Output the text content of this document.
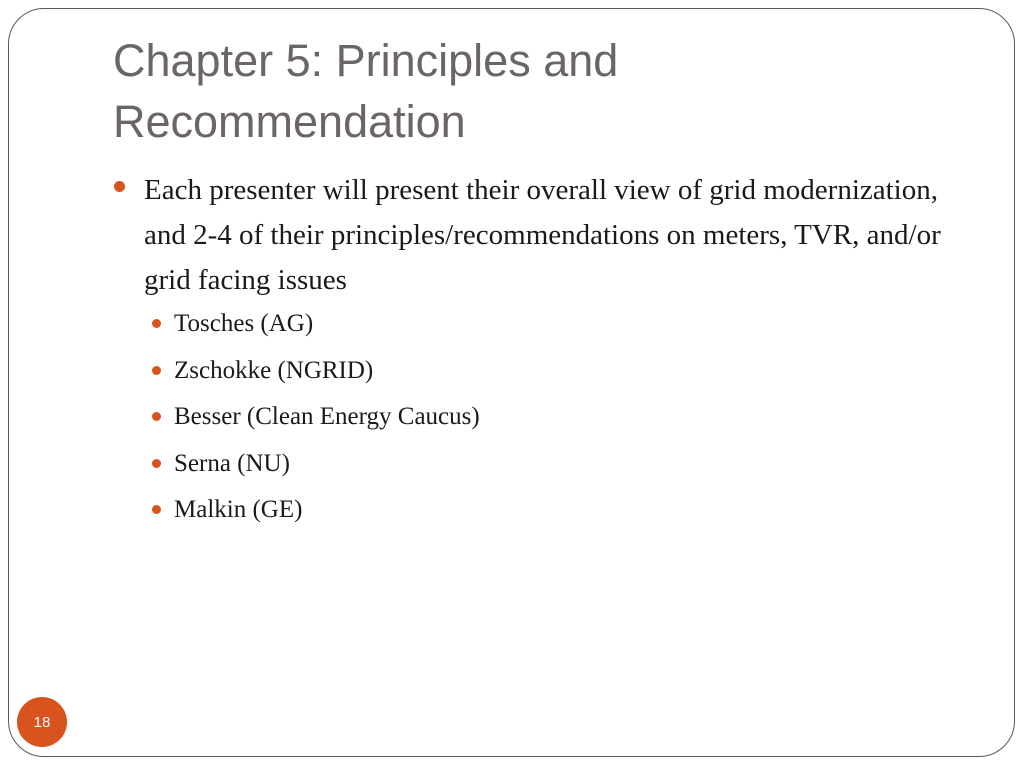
Chapter 5: Principles and Recommendation
Each presenter will present their overall view of grid modernization, and 2-4 of their principles/recommendations on meters, TVR, and/or grid facing issues
Tosches (AG)
Zschokke (NGRID)
Besser (Clean Energy Caucus)
Serna (NU)
Malkin (GE)
18
